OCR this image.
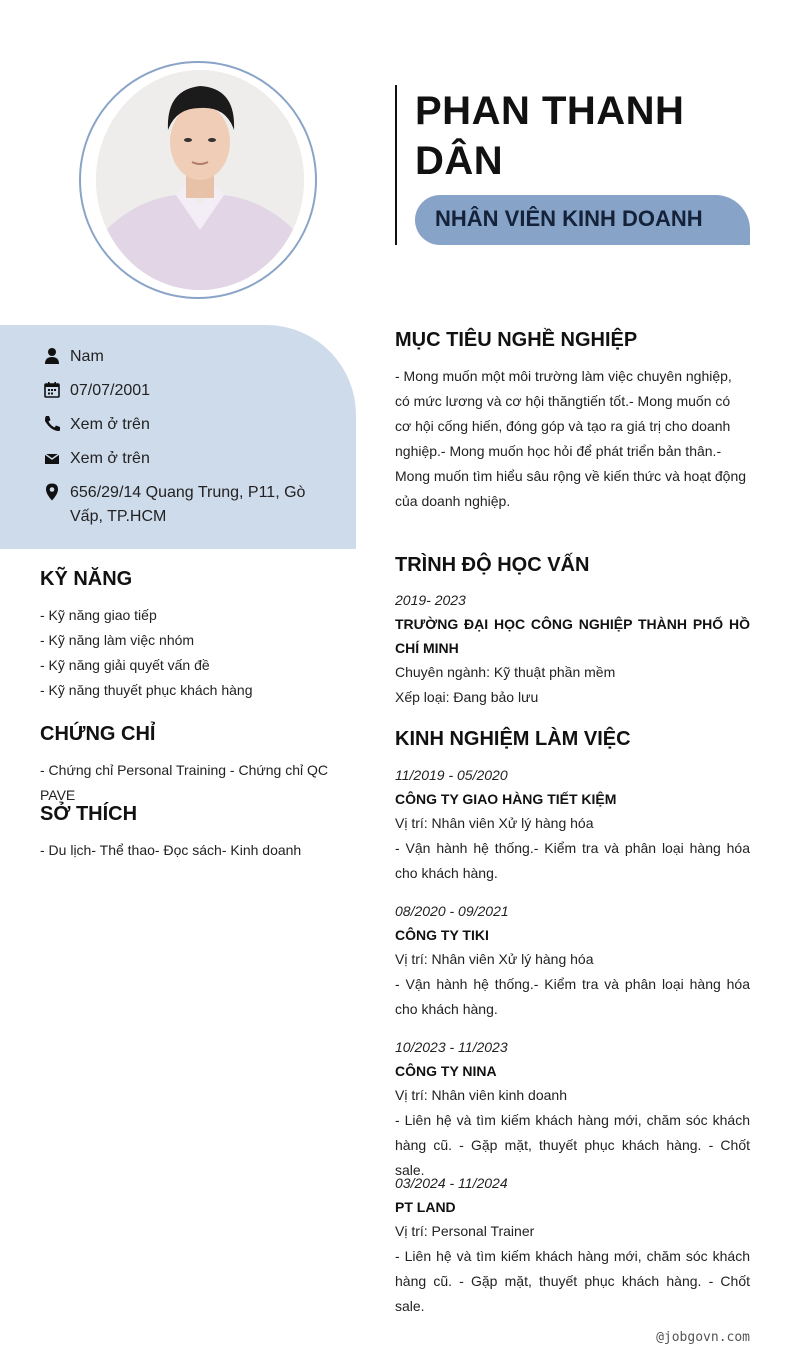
PHAN THANH
DÂN
NHÂN VIÊN KINH DOANH
Nam
07/07/2001
Xem ở trên
Xem ở trên
656/29/14 Quang Trung, P11, Gò Vấp, TP.HCM
KỸ NĂNG
- Kỹ năng giao tiếp
- Kỹ năng làm việc nhóm
- Kỹ năng giải quyết vấn đề
- Kỹ năng thuyết phục khách hàng
CHỨNG CHỈ
- Chứng chỉ Personal Training - Chứng chỉ QC PAVE
SỞ THÍCH
- Du lịch- Thể thao- Đọc sách- Kinh doanh
MỤC TIÊU NGHỀ NGHIỆP
- Mong muốn một môi trường làm việc chuyên nghiệp, có mức lương và cơ hội thăngtiến tốt.- Mong muốn có cơ hội cống hiến, đóng góp và tạo ra giá trị cho doanh nghiệp.- Mong muốn học hỏi để phát triển bản thân.- Mong muốn tìm hiểu sâu rộng về kiến thức và hoạt động của doanh nghiệp.
TRÌNH ĐỘ HỌC VẤN
2019- 2023
TRƯỜNG ĐẠI HỌC CÔNG NGHIỆP THÀNH PHỐ HỒ CHÍ MINH
Chuyên ngành: Kỹ thuật phần mềm
Xếp loại: Đang bảo lưu
KINH NGHIỆM LÀM VIỆC
11/2019 - 05/2020
CÔNG TY GIAO HÀNG TIẾT KIỆM
Vị trí: Nhân viên Xử lý hàng hóa
- Vận hành hệ thống.- Kiểm tra và phân loại hàng hóa cho khách hàng.
08/2020 - 09/2021
CÔNG TY TIKI
Vị trí: Nhân viên Xử lý hàng hóa
- Vận hành hệ thống.- Kiểm tra và phân loại hàng hóa cho khách hàng.
10/2023 - 11/2023
CÔNG TY NINA
Vị trí: Nhân viên kinh doanh
- Liên hệ và tìm kiếm khách hàng mới, chăm sóc khách hàng cũ. - Gặp mặt, thuyết phục khách hàng. - Chốt sale.
03/2024 - 11/2024
PT LAND
Vị trí: Personal Trainer
- Liên hệ và tìm kiếm khách hàng mới, chăm sóc khách hàng cũ. - Gặp mặt, thuyết phục khách hàng. - Chốt sale.
@jobgovn.com
